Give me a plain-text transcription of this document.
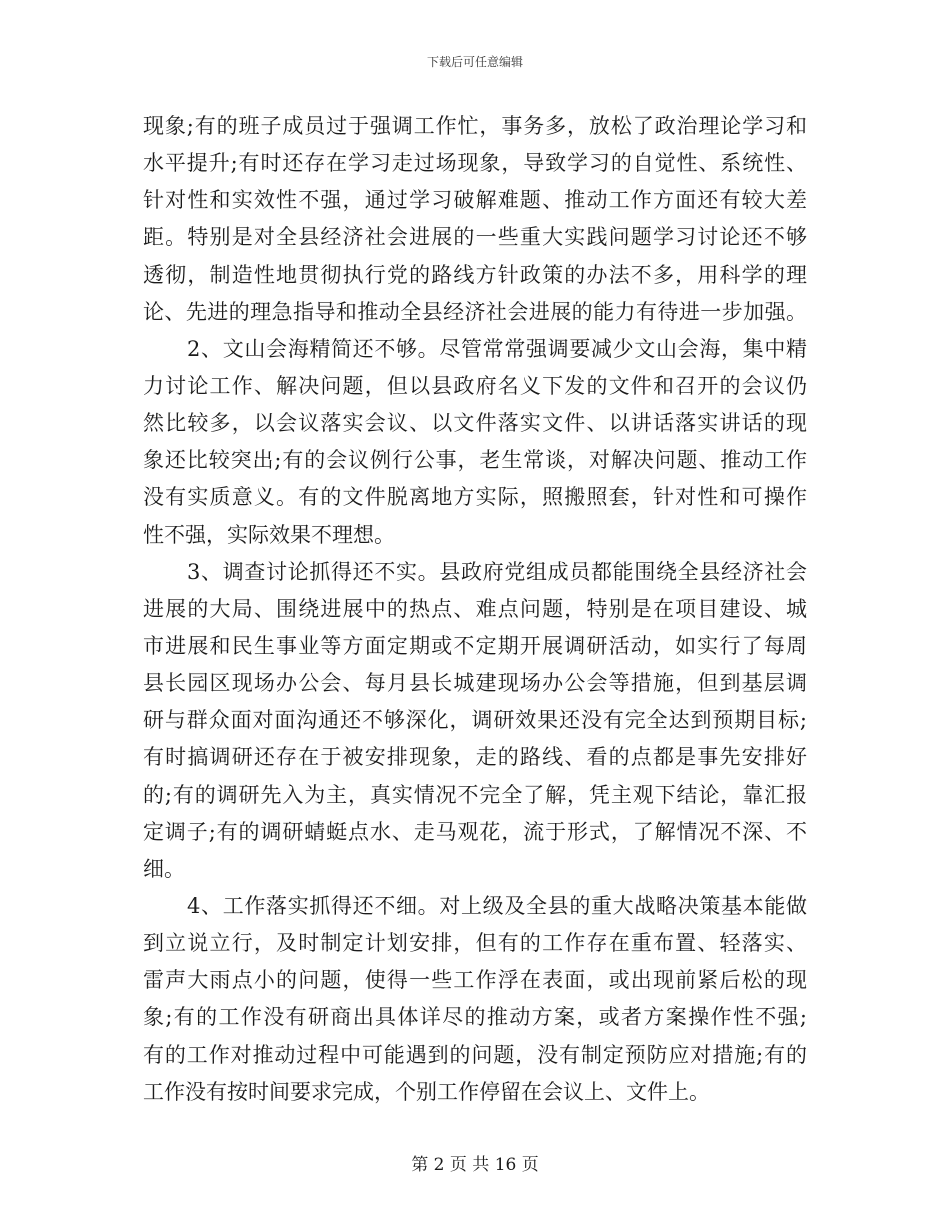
下载后可任意编辑
现象;有的班子成员过于强调工作忙，事务多，放松了政治理论学习和
水平提升;有时还存在学习走过场现象，导致学习的自觉性、系统性、
针对性和实效性不强，通过学习破解难题、推动工作方面还有较大差
距。特别是对全县经济社会进展的一些重大实践问题学习讨论还不够
透彻，制造性地贯彻执行党的路线方针政策的办法不多，用科学的理
论、先进的理急指导和推动全县经济社会进展的能力有待进一步加强。
2、文山会海精简还不够。尽管常常强调要减少文山会海，集中精
力讨论工作、解决问题，但以县政府名义下发的文件和召开的会议仍
然比较多，以会议落实会议、以文件落实文件、以讲话落实讲话的现
象还比较突出;有的会议例行公事，老生常谈，对解决问题、推动工作
没有实质意义。有的文件脱离地方实际，照搬照套，针对性和可操作
性不强，实际效果不理想。
3、调查讨论抓得还不实。县政府党组成员都能围绕全县经济社会
进展的大局、围绕进展中的热点、难点问题，特别是在项目建设、城
市进展和民生事业等方面定期或不定期开展调研活动，如实行了每周
县长园区现场办公会、每月县长城建现场办公会等措施，但到基层调
研与群众面对面沟通还不够深化，调研效果还没有完全达到预期目标;
有时搞调研还存在于被安排现象，走的路线、看的点都是事先安排好
的;有的调研先入为主，真实情况不完全了解，凭主观下结论，靠汇报
定调子;有的调研蜻蜓点水、走马观花，流于形式，了解情况不深、不
细。
4、工作落实抓得还不细。对上级及全县的重大战略决策基本能做
到立说立行，及时制定计划安排，但有的工作存在重布置、轻落实、
雷声大雨点小的问题，使得一些工作浮在表面，或出现前紧后松的现
象;有的工作没有研商出具体详尽的推动方案，或者方案操作性不强;
有的工作对推动过程中可能遇到的问题，没有制定预防应对措施;有的
工作没有按时间要求完成，个别工作停留在会议上、文件上。
第 2 页 共 16 页
